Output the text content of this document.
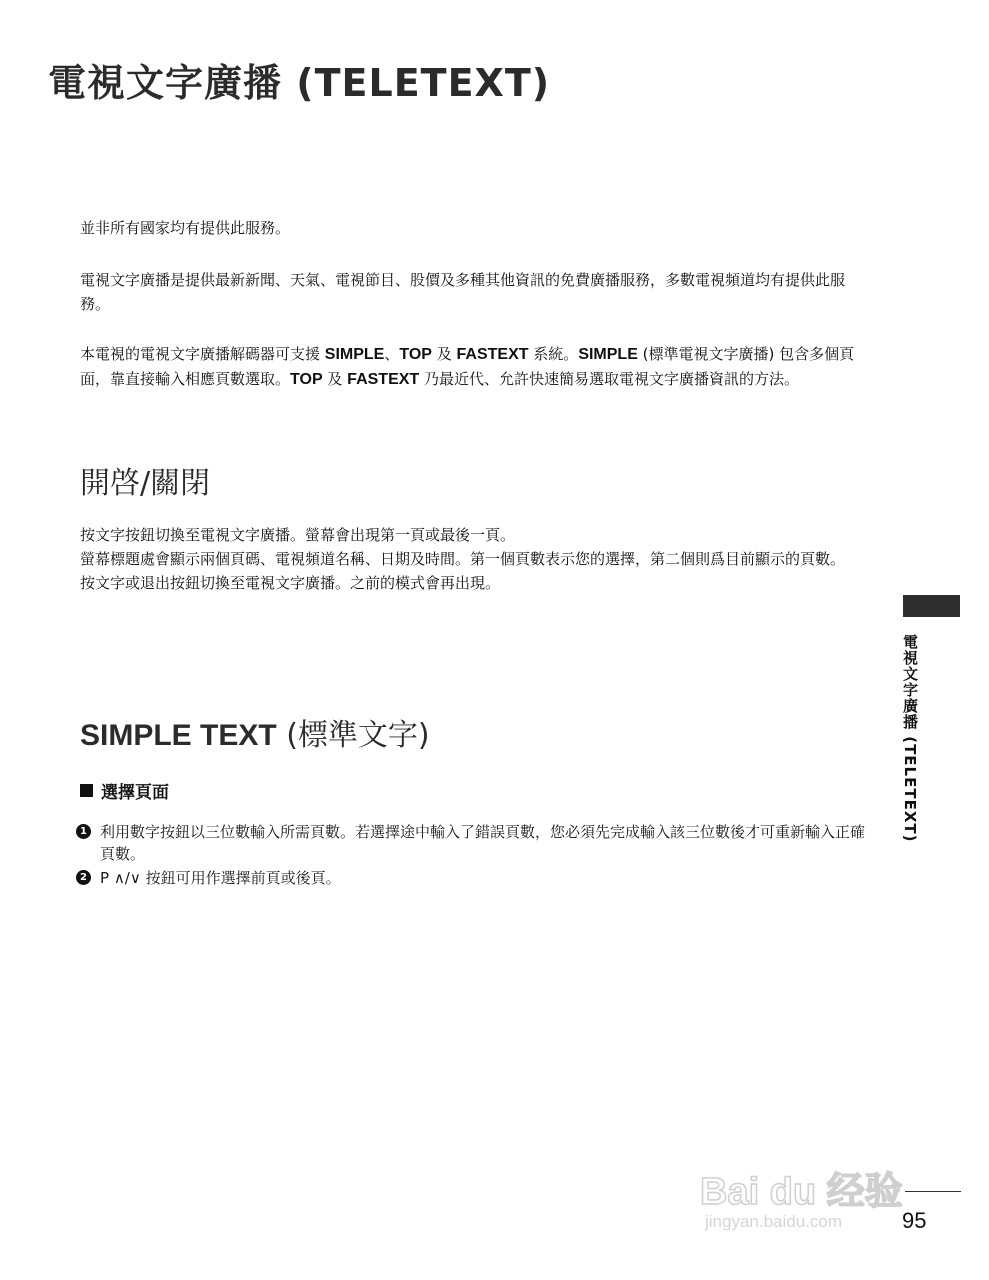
電視文字廣播 (TELETEXT)

並非所有國家均有提供此服務。

電視文字廣播是提供最新新聞、天氣、電視節目、股價及多種其他資訊的免費廣播服務，多數電視頻道均有提供此服務。

本電視的電視文字廣播解碼器可支援 SIMPLE、TOP 及 FASTEXT 系統。SIMPLE (標準電視文字廣播) 包含多個頁面，靠直接輸入相應頁數選取。TOP 及 FASTEXT 乃最近代、允許快速簡易選取電視文字廣播資訊的方法。

開啓/關閉

按文字按鈕切換至電視文字廣播。螢幕會出現第一頁或最後一頁。

螢幕標題處會顯示兩個頁碼、電視頻道名稱、日期及時間。第一個頁數表示您的選擇，第二個則爲目前顯示的頁數。

按文字或退出按鈕切換至電視文字廣播。之前的模式會再出現。

SIMPLE TEXT (標準文字)
選擇頁面
1 利用數字按鈕以三位數輸入所需頁數。若選擇途中輸入了錯誤頁數，您必須先完成輸入該三位數後才可重新輸入正確頁數。
2 P ∧/∨ 按鈕可用作選擇前頁或後頁。
電視文字廣播 (TELETEXT)
Bai du 经验
jingyan.baidu.com	95
